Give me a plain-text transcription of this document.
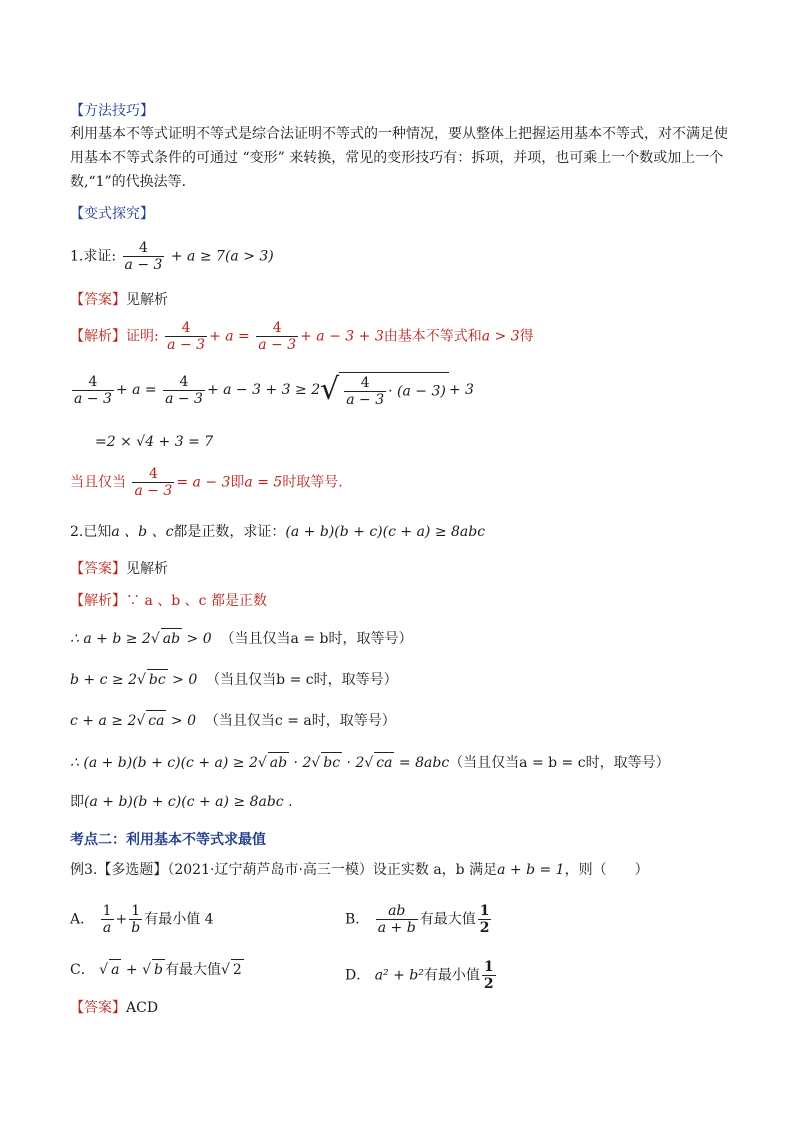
【方法技巧】
利用基本不等式证明不等式是综合法证明不等式的一种情况，要从整体上把握运用基本不等式，对不满足使用基本不等式条件的可通过 “变形” 来转换，常见的变形技巧有：拆项，并项，也可乘上一个数或加上一个数,“1”的代换法等．
【变式探究】
1.求证: $\frac{4}{a - 3} + a \ge 7(a > 3)$
【答案】见解析
【解析】证明: $\frac{4}{a - 3} + a = \frac{4}{a - 3} + a - 3 + 3$由基本不等式和a > 3得
$\frac{4}{a - 3} + a = \frac{4}{a - 3} + a - 3 + 3 \ge 2√ \frac{4}{a - 3} \cdot (a - 3) + 3$
=2 × √4 + 3 = 7
当且仅当 $\frac{4}{a - 3} = a - 3$即a = 5时取等号.
2.已知a 、b 、c都是正数，求证：(a + b)(b + c)(c + a) ≥ 8abc
【答案】见解析
【解析】∵ a 、b 、c 都是正数
∴ a + b ≥ 2√ ab > 0 （当且仅当a = b时，取等号）
b + c ≥ 2√ bc > 0 （当且仅当b = c时，取等号）
c + a ≥ 2√ ca > 0 （当且仅当c = a时，取等号）
∴ (a + b)(b + c)(c + a) ≥ 2√ ab · 2√ bc · 2√ ca = 8abc（当且仅当a = b = c时，取等号）
即(a + b)(b + c)(c + a) ≥ 8abc .
考点二：利用基本不等式求最值
例3.【多选题】（2021·辽宁葫芦岛市·高三一模）设正实数 a，b 满足a + b = 1，则（　　）
A． $\frac{1}{a} + \frac{1}{b}$ 有最小值 4	B． $\frac{ab}{a + b}$ 有最大值 $\frac{1}{2}$
C． √ a + √ b 有最大值√ 2	D． a² + b²有最小值 $\frac{1}{2}$
【答案】ACD
